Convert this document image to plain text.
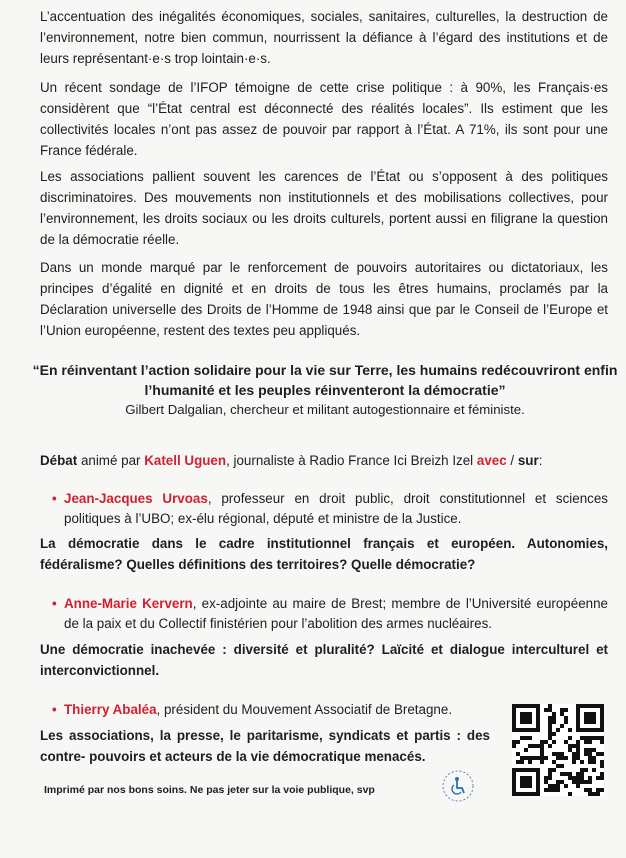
L’accentuation des inégalités économiques, sociales, sanitaires, culturelles, la destruction de l’environnement, notre bien commun, nourrissent la défiance à l’égard des institutions et de leurs représentant·e·s trop lointain·e·s.

Un récent sondage de l’IFOP témoigne de cette crise politique : à 90%, les Français·es considèrent que “l’État central est déconnecté des réalités locales”. Ils estiment que les collectivités locales n’ont pas assez de pouvoir par rapport à l’État. A 71%, ils sont pour une France fédérale.

Les associations pallient souvent les carences de l’État ou s’opposent à des politiques discriminatoires. Des mouvements non institutionnels et des mobilisations collectives, pour l’environnement, les droits sociaux ou les droits culturels, portent aussi en filigrane la question de la démocratie réelle.

Dans un monde marqué par le renforcement de pouvoirs autoritaires ou dictatoriaux, les principes d’égalité en dignité et en droits de tous les êtres humains, proclamés par la Déclaration universelle des Droits de l’Homme de 1948 ainsi que par le Conseil de l’Europe et l’Union européenne, restent des textes peu appliqués.

“En réinventant l’action solidaire pour la vie sur Terre, les humains redécouvriront enfin l’humanité et les peuples réinventeront la démocratie”

Gilbert Dalgalian, chercheur et militant autogestionnaire et féministe.

Débat animé par Katell Uguen, journaliste à Radio France Ici Breizh Izel avec / sur:

• Jean-Jacques Urvoas, professeur en droit public, droit constitutionnel et sciences politiques à l’UBO; ex-élu régional, député et ministre de la Justice.

La démocratie dans le cadre institutionnel français et européen. Autonomies, fédéralisme? Quelles définitions des territoires? Quelle démocratie?

• Anne-Marie Kervern, ex-adjointe au maire de Brest; membre de l’Université européenne de la paix et du Collectif finistérien pour l’abolition des armes nucléaires.

Une démocratie inachevée : diversité et pluralité? Laïcité et dialogue interculturel et interconvictionnel.

• Thierry Abaléa, président du Mouvement Associatif de Bretagne.

Les associations, la presse, le paritarisme, syndicats et partis : des contre- pouvoirs et acteurs de la vie démocratique menacés.

Imprimé par nos bons soins. Ne pas jeter sur la voie publique, svp
